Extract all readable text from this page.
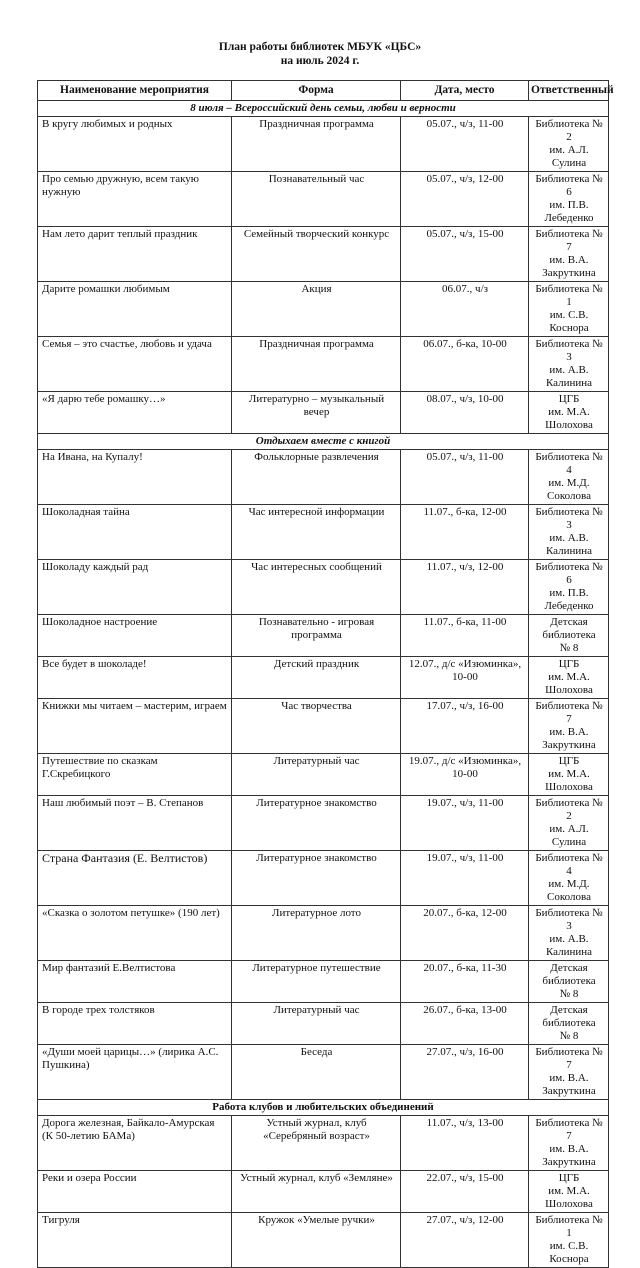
План работы библиотек МБУК «ЦБС»
на июль 2024 г.
Наименование мероприятия	Форма	Дата, место	Ответственный
8 июля – Всероссийский день семьи, любви и верности			
В кругу любимых и родных	Праздничная программа	05.07., ч/з, 11-00	Библиотека № 2
им. А.Л. Сулина

Про семью дружную, всем такую нужную	Познавательный час	05.07., ч/з, 12-00	Библиотека № 6
им. П.В. Лебеденко

Нам лето дарит теплый праздник	Семейный творческий конкурс	05.07., ч/з, 15-00	Библиотека № 7
им. В.А. Закруткина

Дарите ромашки любимым	Акция	06.07., ч/з	Библиотека № 1
им. С.В. Коснора

Семья – это счастье, любовь и удача	Праздничная программа	06.07., б-ка, 10-00	Библиотека № 3
им. А.В. Калинина

«Я дарю тебе ромашку…»	Литературно – музыкальный вечер	08.07., ч/з, 10-00	ЦГБ
им. М.А. Шолохова

Отдыхаем вместе с книгой			
На Ивана, на Купалу!	Фольклорные развлечения	05.07., ч/з, 11-00	Библиотека № 4
им. М.Д. Соколова

Шоколадная тайна	Час интересной информации	11.07., б-ка, 12-00	Библиотека № 3
им. А.В. Калинина

Шоколаду каждый рад	Час интересных сообщений	11.07., ч/з, 12-00	Библиотека № 6
им. П.В. Лебеденко

Шоколадное настроение	Познавательно - игровая программа	11.07., б-ка, 11-00	Детская библиотека
№ 8

Все будет в шоколаде!	Детский праздник	12.07., д/с «Изюминка», 10-00	ЦГБ
им. М.А. Шолохова

Книжки мы читаем – мастерим, играем	Час творчества	17.07., ч/з, 16-00	Библиотека № 7
им. В.А. Закруткина

Путешествие по сказкам Г.Скребицкого	Литературный час	19.07., д/с «Изюминка», 10-00	ЦГБ
им. М.А. Шолохова

Наш любимый поэт – В. Степанов	Литературное знакомство	19.07., ч/з, 11-00	Библиотека № 2
им. А.Л. Сулина

Страна Фантазия (Е. Велтистов)	Литературное знакомство	19.07., ч/з, 11-00	Библиотека № 4
им. М.Д. Соколова

«Сказка о золотом петушке» (190 лет)	Литературное лото	20.07., б-ка, 12-00	Библиотека № 3
им. А.В. Калинина

Мир фантазий Е.Велтистова	Литературное путешествие	20.07., б-ка, 11-30	Детская библиотека
№ 8

В городе трех толстяков	Литературный час	26.07., б-ка, 13-00	Детская библиотека
№ 8

«Души моей царицы…» (лирика А.С. Пушкина)	Беседа	27.07., ч/з, 16-00	Библиотека № 7
им. В.А. Закруткина

Работа клубов и любительских объединений			
Дорога железная, Байкало-Амурская (К 50-летию БАМа)	Устный журнал, клуб «Серебряный возраст»	11.07., ч/з, 13-00	Библиотека № 7
им. В.А. Закруткина

Реки и озера России	Устный журнал, клуб «Земляне»	22.07., ч/з, 15-00	ЦГБ
им. М.А. Шолохова

Тигруля	Кружок «Умелые ручки»	27.07., ч/з, 12-00	Библиотека № 1
им. С.В. Коснора
